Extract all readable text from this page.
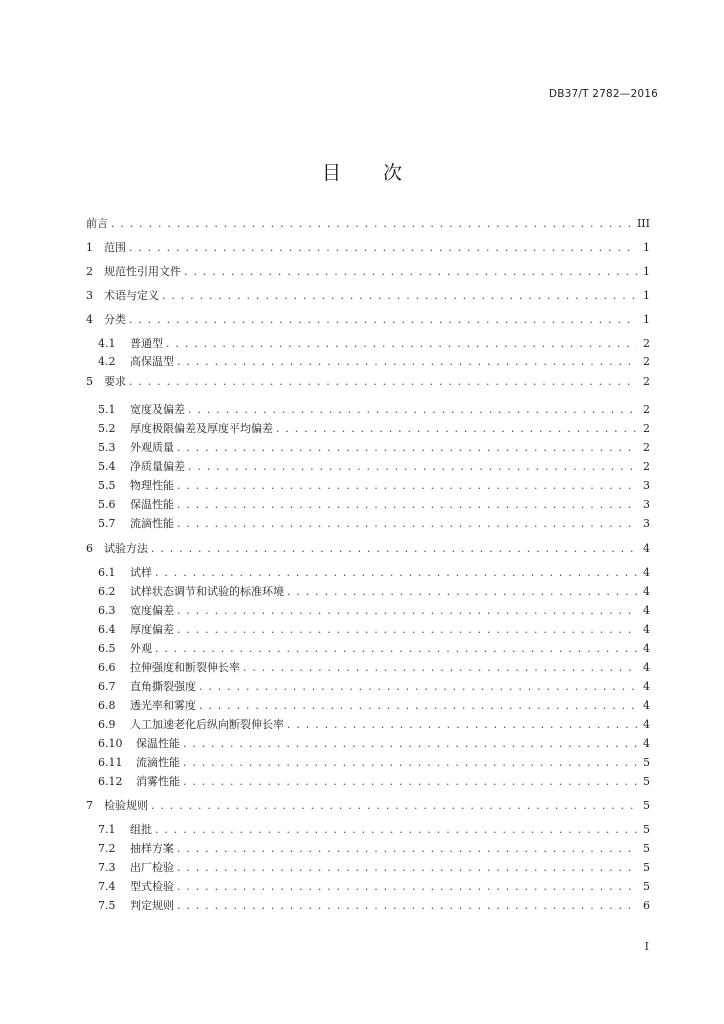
DB37/T 2782—2016
目 次
前言 . . .	III
1	范围 . . .	1
2	规范性引用文件 . . .	1
3	术语与定义 . . .	1
4	分类 . . .	1
4.1	普通型 . . .	2
4.2	高保温型 . . .	2
5	要求 . . .	2
5.1	宽度及偏差 . . .	2
5.2	厚度极限偏差及厚度平均偏差 . . .	2
5.3	外观质量 . . .	2
5.4	净质量偏差 . . .	2
5.5	物理性能 . . .	3
5.6	保温性能 . . .	3
5.7	流滴性能 . . .	3
6	试验方法 . . .	4
6.1	试样 . . .	4
6.2	试样状态调节和试验的标准环境 . . .	4
6.3	宽度偏差 . . .	4
6.4	厚度偏差 . . .	4
6.5	外观 . . .	4
6.6	拉伸强度和断裂伸长率 . . .	4
6.7	直角撕裂强度 . . .	4
6.8	透光率和雾度 . . .	4
6.9	人工加速老化后纵向断裂伸长率 . . .	4
6.10	保温性能 . . .	4
6.11	流滴性能 . . .	5
6.12	消雾性能 . . .	5
7	检验规则 . . .	5
7.1	组批 . . .	5
7.2	抽样方案 . . .	5
7.3	出厂检验 . . .	5
7.4	型式检验 . . .	5
7.5	判定规则 . . .	6
I
